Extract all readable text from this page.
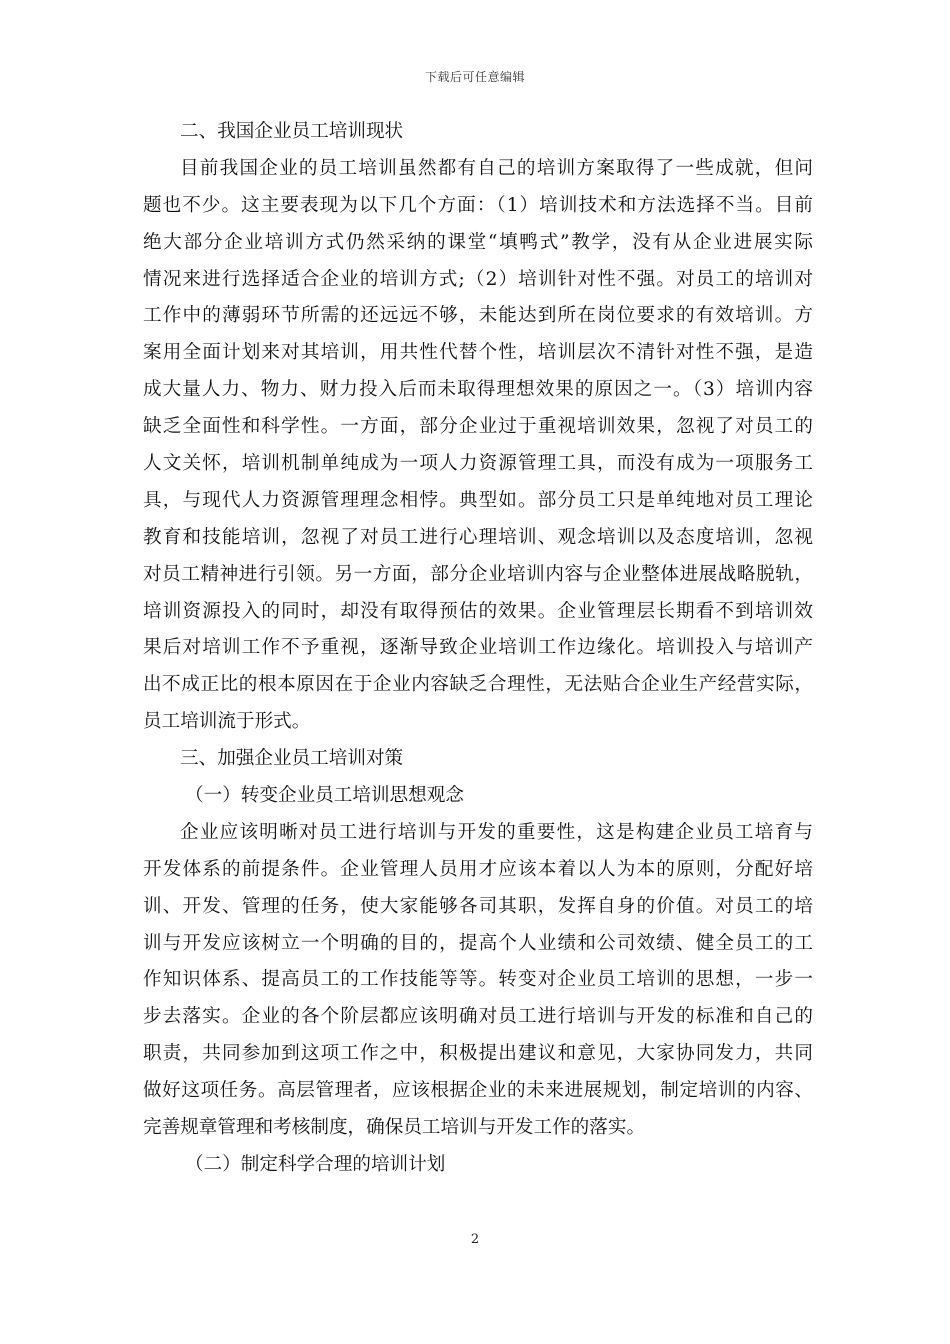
下载后可任意编辑
二、我国企业员工培训现状
目前我国企业的员工培训虽然都有自己的培训方案取得了一些成就，但问
题也不少。这主要表现为以下几个方面：（1）培训技术和方法选择不当。目前
绝大部分企业培训方式仍然采纳的课堂“填鸭式”教学，没有从企业进展实际
情况来进行选择适合企业的培训方式;（2）培训针对性不强。对员工的培训对
工作中的薄弱环节所需的还远远不够，未能达到所在岗位要求的有效培训。方
案用全面计划来对其培训，用共性代替个性，培训层次不清针对性不强，是造
成大量人力、物力、财力投入后而未取得理想效果的原因之一。（3）培训内容
缺乏全面性和科学性。一方面，部分企业过于重视培训效果，忽视了对员工的
人文关怀，培训机制单纯成为一项人力资源管理工具，而没有成为一项服务工
具，与现代人力资源管理理念相悖。典型如。部分员工只是单纯地对员工理论
教育和技能培训，忽视了对员工进行心理培训、观念培训以及态度培训，忽视
对员工精神进行引领。另一方面，部分企业培训内容与企业整体进展战略脱轨，
培训资源投入的同时，却没有取得预估的效果。企业管理层长期看不到培训效
果后对培训工作不予重视，逐渐导致企业培训工作边缘化。培训投入与培训产
出不成正比的根本原因在于企业内容缺乏合理性，无法贴合企业生产经营实际，
员工培训流于形式。
三、加强企业员工培训对策
（一）转变企业员工培训思想观念
企业应该明晰对员工进行培训与开发的重要性，这是构建企业员工培育与
开发体系的前提条件。企业管理人员用才应该本着以人为本的原则，分配好培
训、开发、管理的任务，使大家能够各司其职，发挥自身的价值。对员工的培
训与开发应该树立一个明确的目的，提高个人业绩和公司效绩、健全员工的工
作知识体系、提高员工的工作技能等等。转变对企业员工培训的思想，一步一
步去落实。企业的各个阶层都应该明确对员工进行培训与开发的标准和自己的
职责，共同参加到这项工作之中，积极提出建议和意见，大家协同发力，共同
做好这项任务。高层管理者，应该根据企业的未来进展规划，制定培训的内容、
完善规章管理和考核制度，确保员工培训与开发工作的落实。
（二）制定科学合理的培训计划
2
